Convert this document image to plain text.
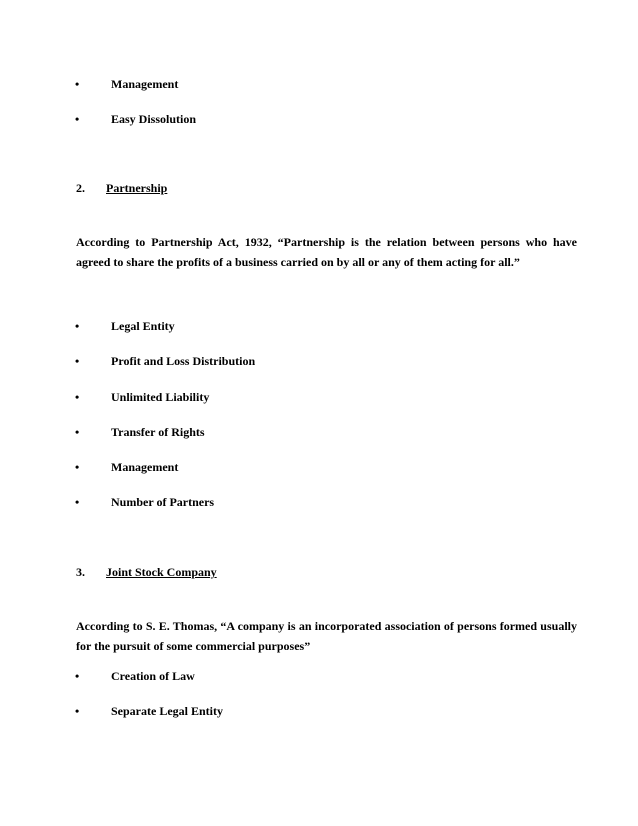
•	Management
•	Easy Dissolution
2. Partnership
According to Partnership Act, 1932, “Partnership is the relation between persons who have agreed to share the profits of a business carried on by all or any of them acting for all.”
•	Legal Entity
•	Profit and Loss Distribution
•	Unlimited Liability
•	Transfer of Rights
•	Management
•	Number of Partners
3. Joint Stock Company
According to S. E. Thomas, “A company is an incorporated association of persons formed usually for the pursuit of some commercial purposes”
•	Creation of Law
•	Separate Legal Entity
